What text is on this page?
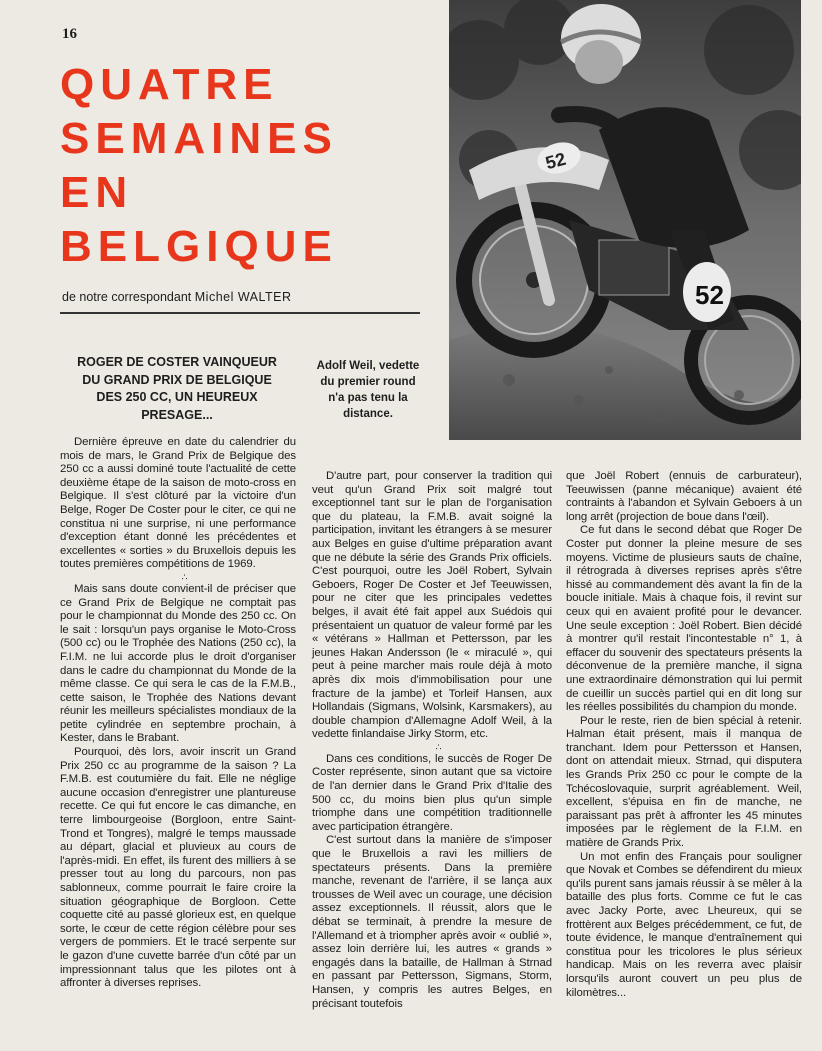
16
QUATRE
SEMAINES
EN
BELGIQUE
de notre correspondant Michel WALTER	52
52
ROGER DE COSTER VAINQUEUR DU GRAND PRIX DE BELGIQUE DES 250 CC, UN HEUREUX PRESAGE...

Adolf Weil, vedette du premier round n'a pas tenu la distance.

Dernière épreuve en date du calendrier du mois de mars, le Grand Prix de Belgique des 250 cc a aussi dominé toute l'actualité de cette deuxième étape de la saison de moto-cross en Belgique. Il s'est clôturé par la victoire d'un Belge, Roger De Coster pour le citer, ce qui ne constitua ni une surprise, ni une performance d'exception étant donné les précédentes et excellentes « sorties » du Bruxellois depuis les toutes premières compétitions de 1969.

∴

Mais sans doute convient-il de préciser que ce Grand Prix de Belgique ne comptait pas pour le championnat du Monde des 250 cc. On le sait : lorsqu'un pays organise le Moto-Cross (500 cc) ou le Trophée des Nations (250 cc), la F.I.M. ne lui accorde plus le droit d'organiser dans le cadre du championnat du Monde de la même classe. Ce qui sera le cas de la F.M.B., cette saison, le Trophée des Nations devant réunir les meilleurs spécialistes mondiaux de la petite cylindrée en septembre prochain, à Kester, dans le Brabant.

Pourquoi, dès lors, avoir inscrit un Grand Prix 250 cc au programme de la saison ? La F.M.B. est coutumière du fait. Elle ne néglige aucune occasion d'enregistrer une plantureuse recette. Ce qui fut encore le cas dimanche, en terre limbourgeoise (Borgloon, entre Saint-Trond et Tongres), malgré le temps maussade au départ, glacial et pluvieux au cours de l'après-midi. En effet, ils furent des milliers à se presser tout au long du parcours, non pas sablonneux, comme pourrait le faire croire la situation géographique de Borgloon. Cette coquette cité au passé glorieux est, en quelque sorte, le cœur de cette région célèbre pour ses vergers de pommiers. Et le tracé serpente sur le gazon d'une cuvette barrée d'un côté par un impressionnant talus que les pilotes ont à affronter à diverses reprises.

D'autre part, pour conserver la tradition qui veut qu'un Grand Prix soit malgré tout exceptionnel tant sur le plan de l'organisation que du plateau, la F.M.B. avait soigné la participation, invitant les étrangers à se mesurer aux Belges en guise d'ultime préparation avant que ne débute la série des Grands Prix officiels. C'est pourquoi, outre les Joël Robert, Sylvain Geboers, Roger De Coster et Jef Teeuwissen, pour ne citer que les principales vedettes belges, il avait été fait appel aux Suédois qui présentaient un quatuor de valeur formé par les « vétérans » Hallman et Pettersson, par les jeunes Hakan Andersson (le « miraculé », qui peut à peine marcher mais roule déjà à moto après dix mois d'immobilisation pour une fracture de la jambe) et Torleif Hansen, aux Hollandais (Sigmans, Wolsink, Karsmakers), au double champion d'Allemagne Adolf Weil, à la vedette finlandaise Jirky Storm, etc.

∴

Dans ces conditions, le succès de Roger De Coster représente, sinon autant que sa victoire de l'an dernier dans le Grand Prix d'Italie des 500 cc, du moins bien plus qu'un simple triomphe dans une compétition traditionnelle avec participation étrangère.

C'est surtout dans la manière de s'imposer que le Bruxellois a ravi les milliers de spectateurs présents. Dans la première manche, revenant de l'arrière, il se lança aux trousses de Weil avec un courage, une décision assez exceptionnels. Il réussit, alors que le débat se terminait, à prendre la mesure de l'Allemand et à triompher après avoir « oublié », assez loin derrière lui, les autres « grands » engagés dans la bataille, de Hallman à Strnad en passant par Pettersson, Sigmans, Storm, Hansen, y compris les autres Belges, en précisant toutefois

que Joël Robert (ennuis de carburateur), Teeuwissen (panne mécanique) avaient été contraints à l'abandon et Sylvain Geboers à un long arrêt (projection de boue dans l'œil).

Ce fut dans le second débat que Roger De Coster put donner la pleine mesure de ses moyens. Victime de plusieurs sauts de chaîne, il rétrograda à diverses reprises après s'être hissé au commandement dès avant la fin de la boucle initiale. Mais à chaque fois, il revint sur ceux qui en avaient profité pour le devancer. Une seule exception : Joël Robert. Bien décidé à montrer qu'il restait l'incontestable n° 1, à effacer du souvenir des spectateurs présents la déconvenue de la première manche, il signa une extraordinaire démonstration qui lui permit de cueillir un succès partiel qui en dit long sur les réelles possibilités du champion du monde.

Pour le reste, rien de bien spécial à retenir. Halman était présent, mais il manqua de tranchant. Idem pour Pettersson et Hansen, dont on attendait mieux. Strnad, qui disputera les Grands Prix 250 cc pour le compte de la Tchécoslovaquie, surprit agréablement. Weil, excellent, s'épuisa en fin de manche, ne paraissant pas prêt à affronter les 45 minutes imposées par le règlement de la F.I.M. en matière de Grands Prix.

Un mot enfin des Français pour souligner que Novak et Combes se défendirent du mieux qu'ils purent sans jamais réussir à se mêler à la bataille des plus forts. Comme ce fut le cas avec Jacky Porte, avec Lheureux, qui se frottèrent aux Belges précédemment, ce fut, de toute évidence, le manque d'entraînement qui constitua pour les tricolores le plus sérieux handicap. Mais on les reverra avec plaisir lorsqu'ils auront couvert un peu plus de kilomètres...
